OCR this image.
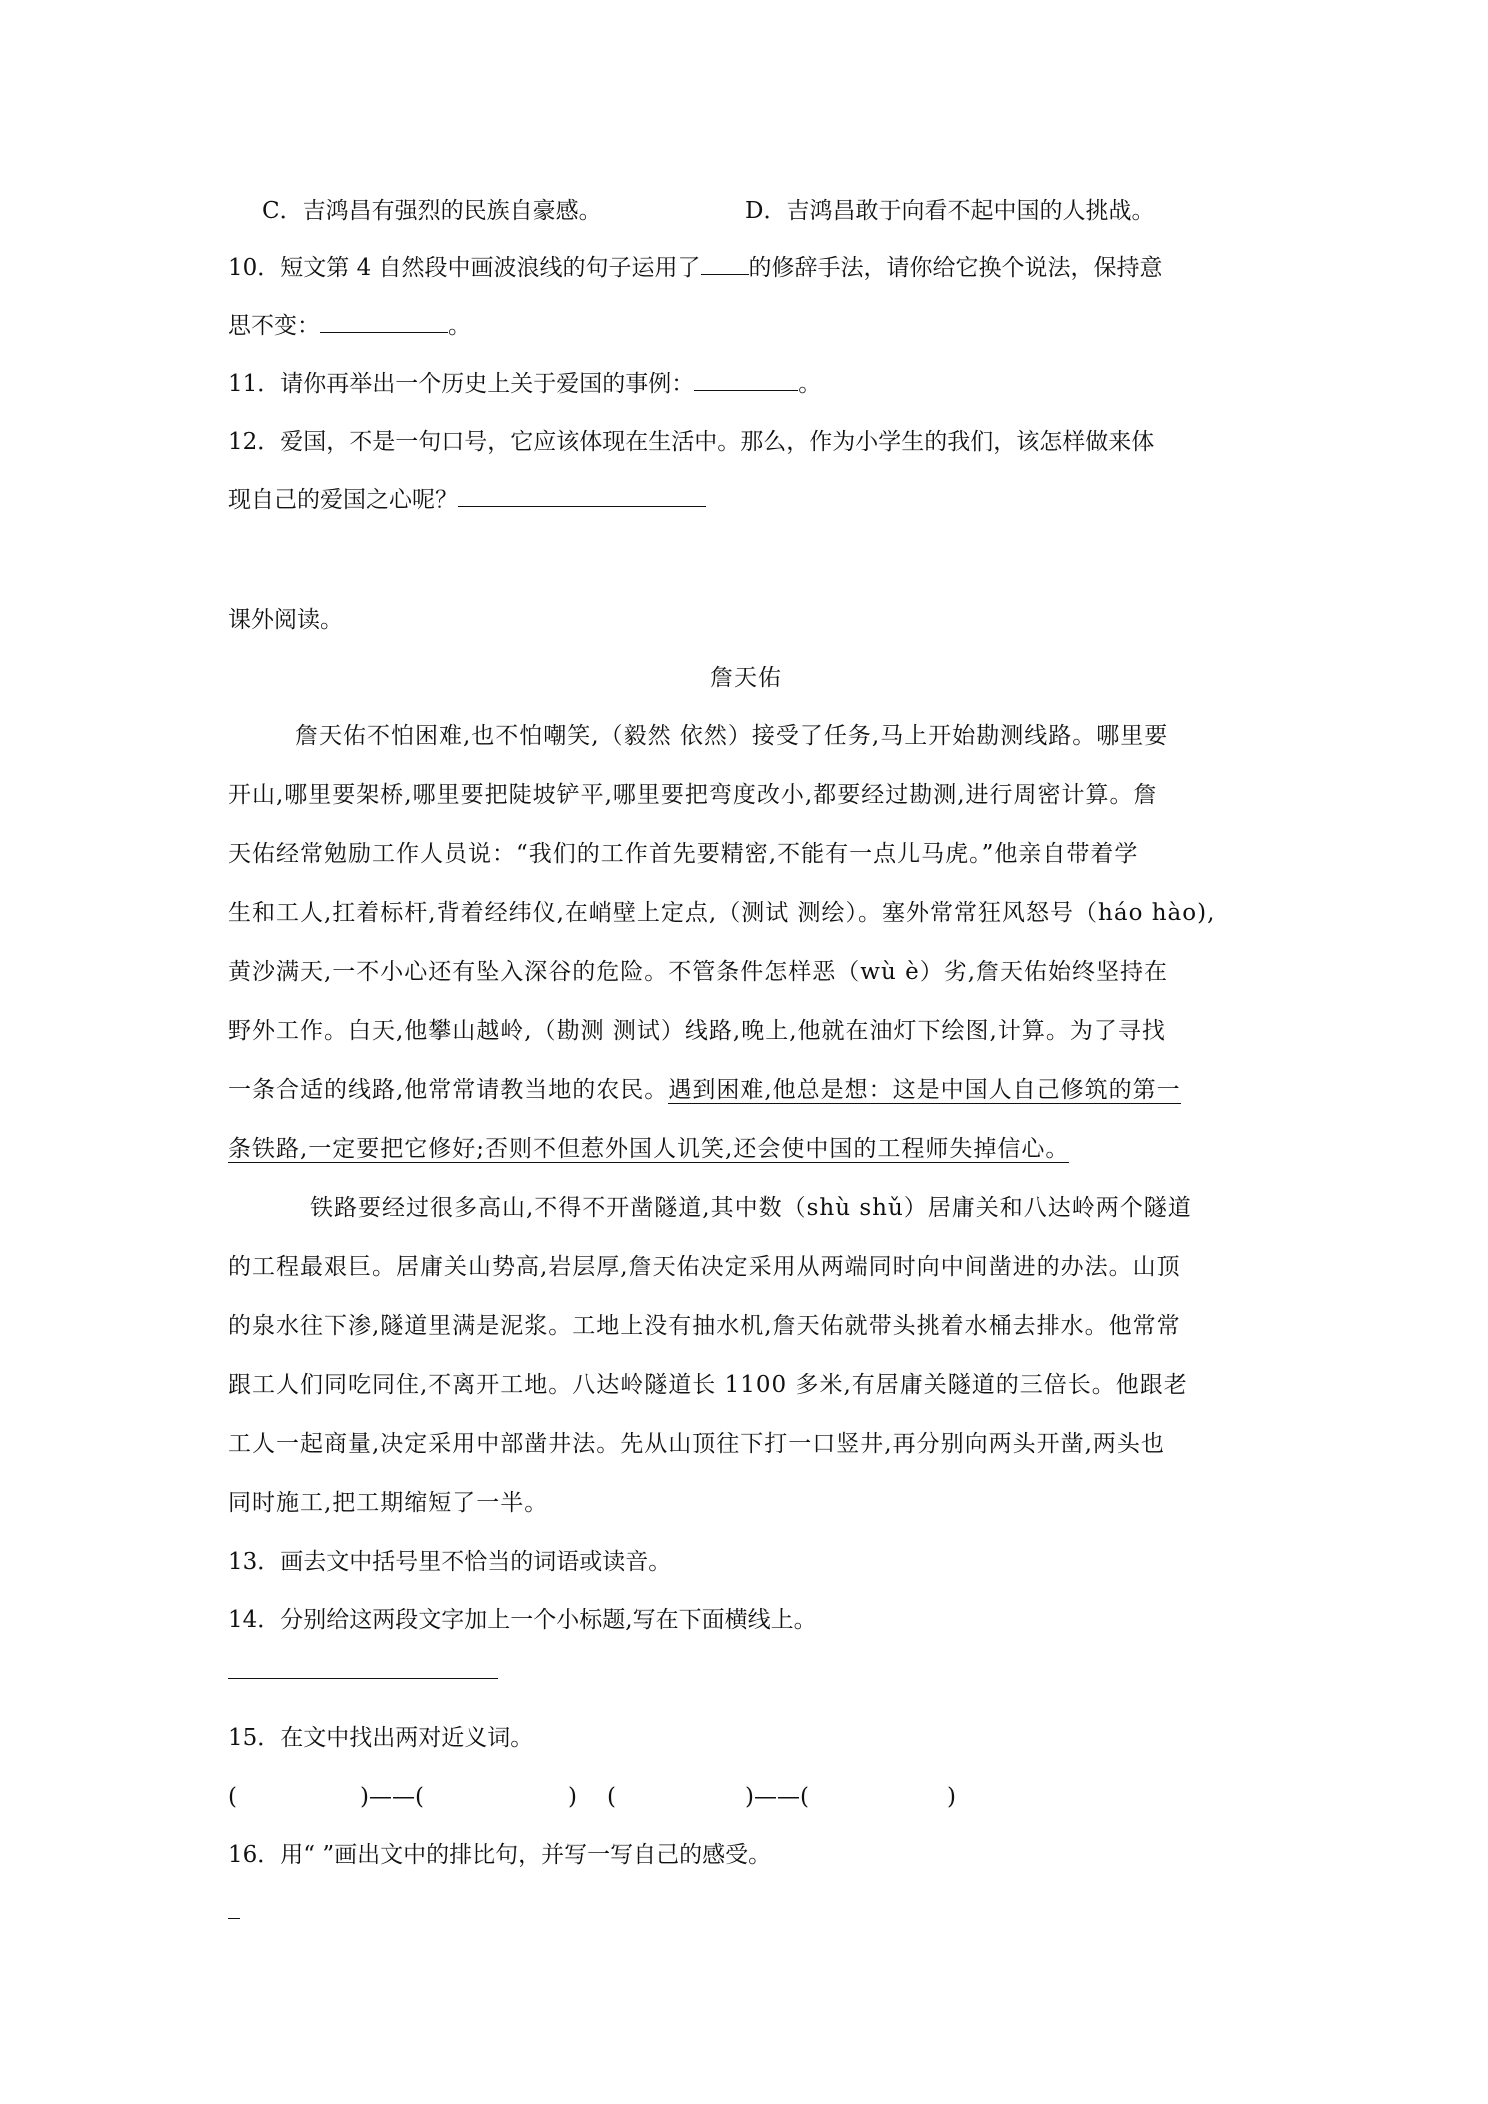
C．吉鸿昌有强烈的民族自豪感。	D．吉鸿昌敢于向看不起中国的人挑战。
10．短文第 4 自然段中画波浪线的句子运用了 的修辞手法，请你给它换个说法，保持意
思不变：	。
11．请你再举出一个历史上关于爱国的事例：	。
12．爱国，不是一句口号，它应该体现在生活中。那么，作为小学生的我们，该怎样做来体
现自己的爱国之心呢？
课外阅读。
詹天佑
詹天佑不怕困难,也不怕嘲笑,（毅然 依然）接受了任务,马上开始勘测线路。哪里要
开山,哪里要架桥,哪里要把陡坡铲平,哪里要把弯度改小,都要经过勘测,进行周密计算。詹
天佑经常勉励工作人员说：“我们的工作首先要精密,不能有一点儿马虎。”他亲自带着学
生和工人,扛着标杆,背着经纬仪,在峭壁上定点,（测试 测绘）。塞外常常狂风怒号（háo hào),
黄沙满天,一不小心还有坠入深谷的危险。不管条件怎样恶（wù è）劣,詹天佑始终坚持在
野外工作。白天,他攀山越岭,（勘测 测试）线路,晚上,他就在油灯下绘图,计算。为了寻找
一条合适的线路,他常常请教当地的农民。遇到困难,他总是想：这是中国人自己修筑的第一
条铁路,一定要把它修好;否则不但惹外国人讥笑,还会使中国的工程师失掉信心。
铁路要经过很多高山,不得不开凿隧道,其中数（shù shǔ）居庸关和八达岭两个隧道
的工程最艰巨。居庸关山势高,岩层厚,詹天佑决定采用从两端同时向中间凿进的办法。山顶
的泉水往下渗,隧道里满是泥浆。工地上没有抽水机,詹天佑就带头挑着水桶去排水。他常常
跟工人们同吃同住,不离开工地。八达岭隧道长 1100 多米,有居庸关隧道的三倍长。他跟老
工人一起商量,决定采用中部凿井法。先从山顶往下打一口竖井,再分别向两头开凿,两头也
同时施工,把工期缩短了一半。
13．画去文中括号里不恰当的词语或读音。
14．分别给这两段文字加上一个小标题,写在下面横线上。
15．在文中找出两对近义词。
(	)——(	) (	)——(	)
16．用“ ”画出文中的排比句，并写一写自己的感受。
